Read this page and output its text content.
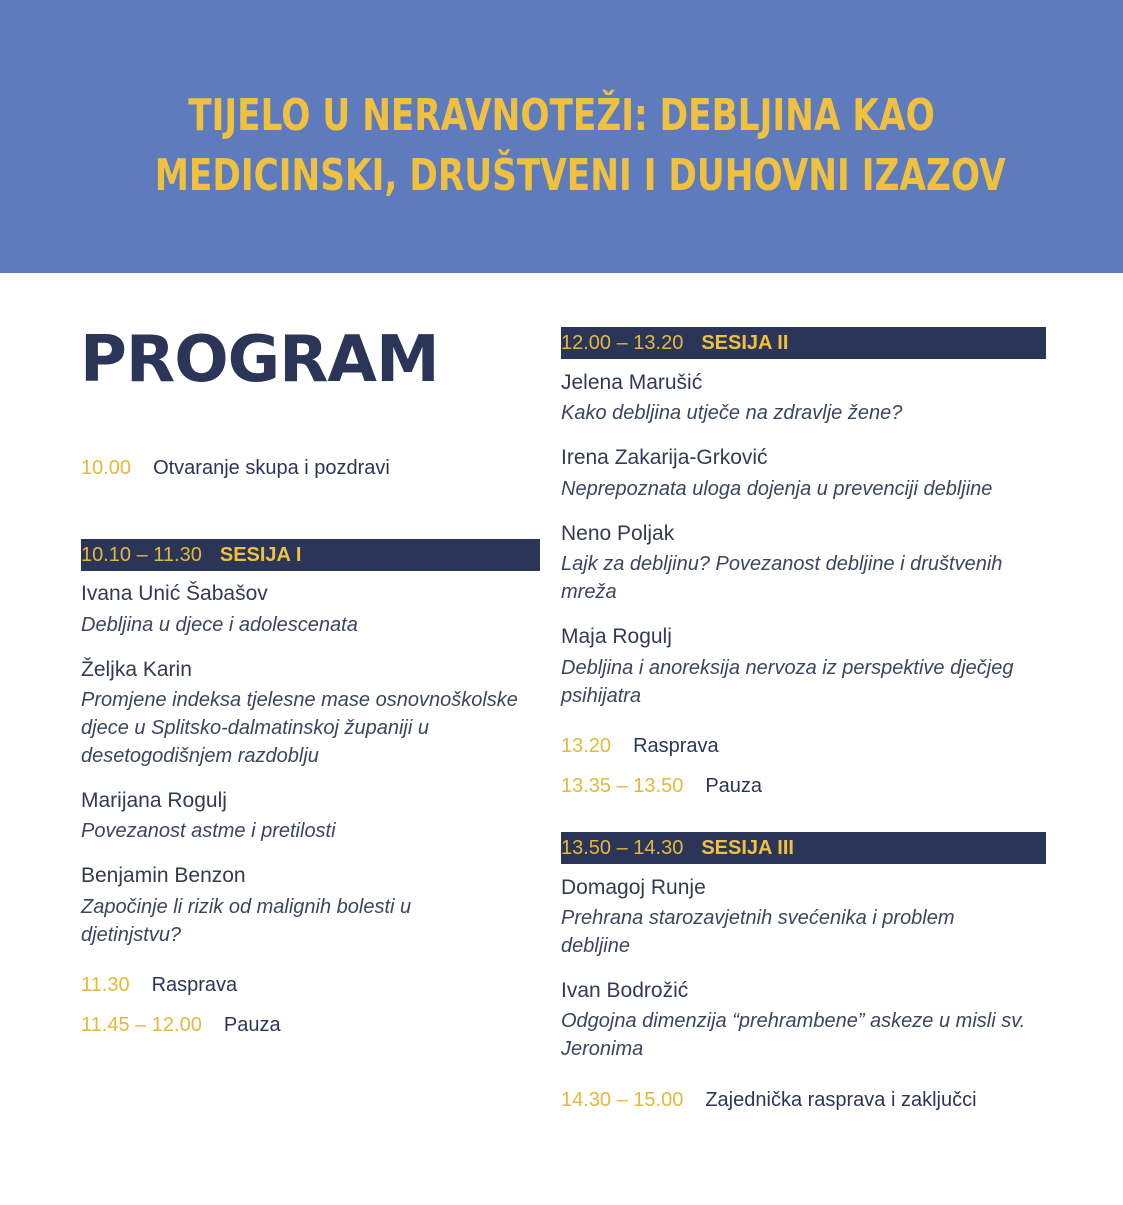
TIJELO U NERAVNOTEŽI: DEBLJINA KAO
MEDICINSKI, DRUŠTVENI I DUHOVNI IZAZOV
PROGRAM
10.00 Otvaranje skupa i pozdravi
10.10 – 11.30 SESIJA I
Ivana Unić Šabašov
Debljina u djece i adolescenata
Željka Karin
Promjene indeksa tjelesne mase osnovnoškolske djece u Splitsko-dalmatinskoj županiji u desetogodišnjem razdoblju
Marijana Rogulj
Povezanost astme i pretilosti
Benjamin Benzon
Započinje li rizik od malignih bolesti u djetinjstvu?
11.30 Rasprava
11.45 – 12.00 Pauza
12.00 – 13.20 SESIJA II
Jelena Marušić
Kako debljina utječe na zdravlje žene?
Irena Zakarija-Grković
Neprepoznata uloga dojenja u prevenciji debljine
Neno Poljak
Lajk za debljinu? Povezanost debljine i društvenih mreža
Maja Rogulj
Debljina i anoreksija nervoza iz perspektive dječjeg psihijatra
13.20 Rasprava
13.35 – 13.50 Pauza
13.50 – 14.30 SESIJA III
Domagoj Runje
Prehrana starozavjetnih svećenika i problem debljine
Ivan Bodrožić
Odgojna dimenzija “prehrambene” askeze u misli sv. Jeronima
14.30 – 15.00 Zajednička rasprava i zaključci
